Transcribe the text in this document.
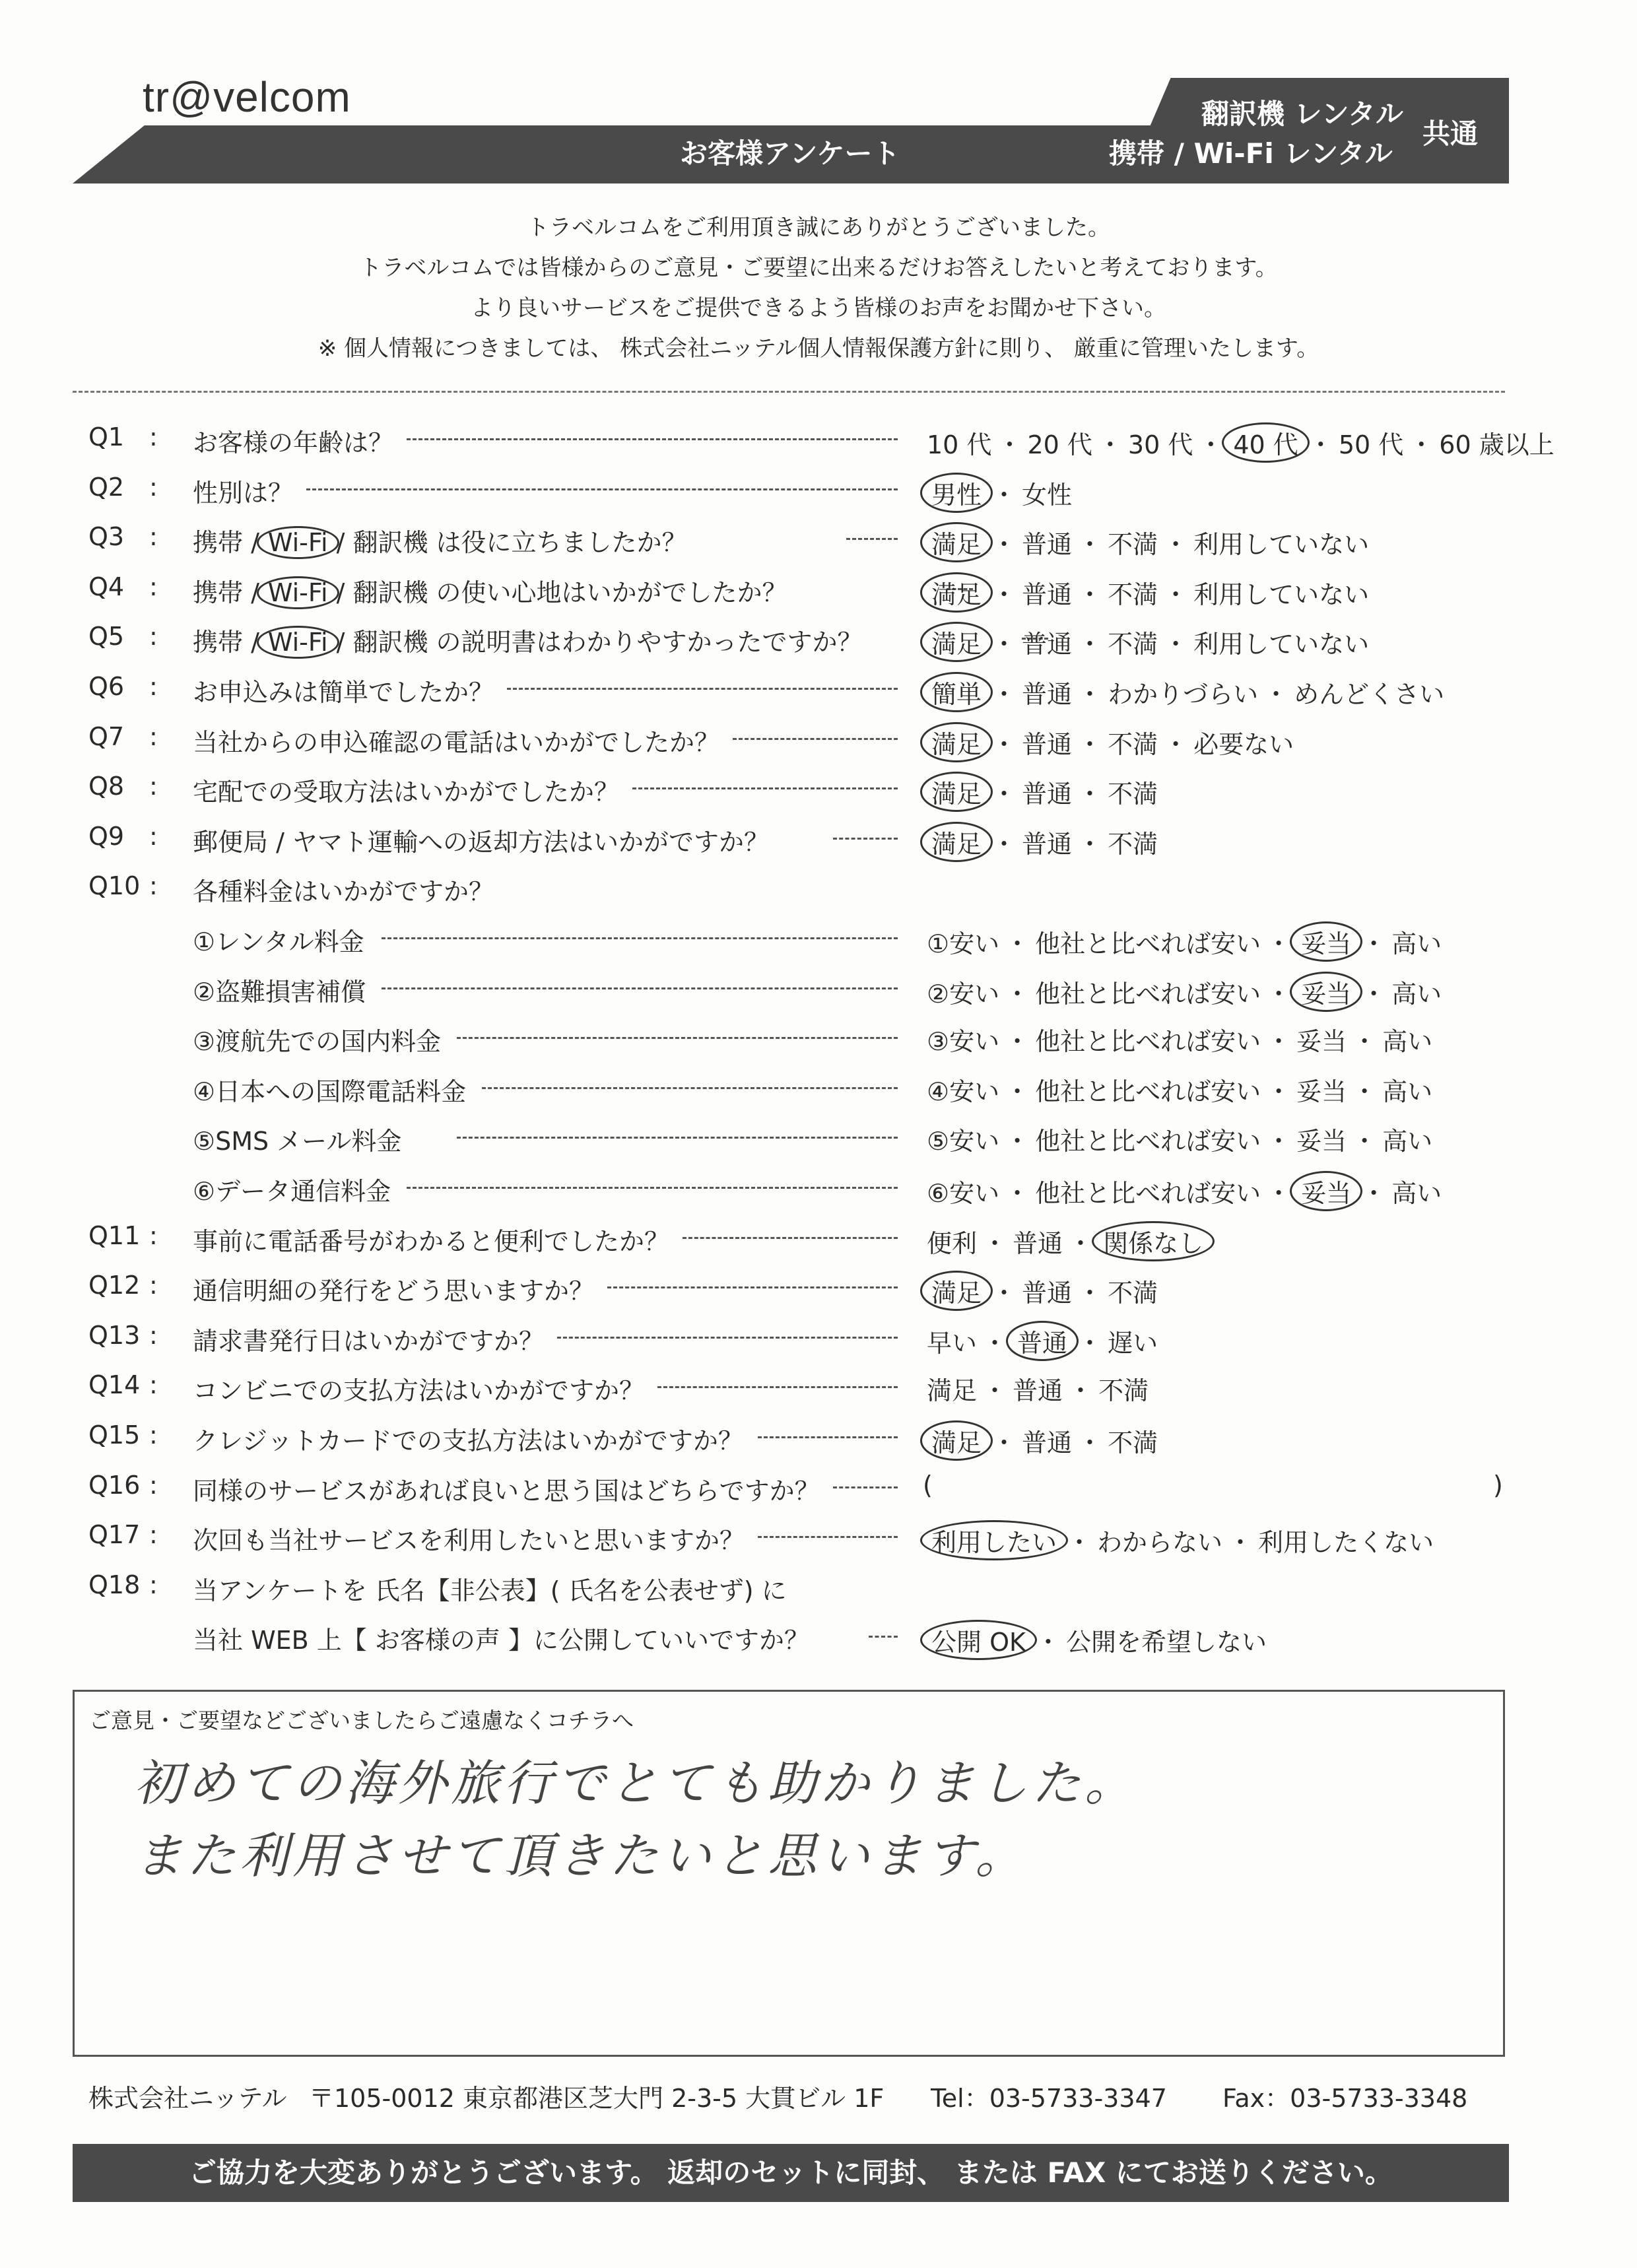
tr@velcom
お客様アンケート
翻訳機 レンタル
携帯 / Wi-Fi レンタル
共通
トラベルコムをご利用頂き誠にありがとうございました。
トラベルコムでは皆様からのご意見・ご要望に出来るだけお答えしたいと考えております。
より良いサービスをご提供できるよう皆様のお声をお聞かせ下さい。
※ 個人情報につきましては、 株式会社ニッテル個人情報保護方針に則り、 厳重に管理いたします。
Q1 : お客様の年齢は？	10 代 ・ 20 代 ・ 30 代 ・ 40 代 ・ 50 代 ・ 60 歳以上
Q2 : 性別は？	男性 ・ 女性
Q3 : 携帯 / Wi-Fi / 翻訳機 は役に立ちましたか？	満足 ・ 普通 ・ 不満 ・ 利用していない
Q4 : 携帯 / Wi-Fi / 翻訳機 の使い心地はいかがでしたか？	満足 ・ 普通 ・ 不満 ・ 利用していない
Q5 : 携帯 / Wi-Fi / 翻訳機 の説明書はわかりやすかったですか？	満足 ・ 普通 ・ 不満 ・ 利用していない
Q6 : お申込みは簡単でしたか？	簡単 ・ 普通 ・ わかりづらい ・ めんどくさい
Q7 : 当社からの申込確認の電話はいかがでしたか？	満足 ・ 普通 ・ 不満 ・ 必要ない
Q8 : 宅配での受取方法はいかがでしたか？	満足 ・ 普通 ・ 不満
Q9 : 郵便局 / ヤマト運輸への返却方法はいかがですか？	満足 ・ 普通 ・ 不満
Q10 : 各種料金はいかがですか？
①レンタル料金	①安い ・ 他社と比べれば安い ・ 妥当 ・ 高い
②盗難損害補償	②安い ・ 他社と比べれば安い ・ 妥当 ・ 高い
③渡航先での国内料金	③安い ・ 他社と比べれば安い ・ 妥当 ・ 高い
④日本への国際電話料金	④安い ・ 他社と比べれば安い ・ 妥当 ・ 高い
⑤SMS メール料金	⑤安い ・ 他社と比べれば安い ・ 妥当 ・ 高い
⑥データ通信料金	⑥安い ・ 他社と比べれば安い ・ 妥当 ・ 高い
Q11 : 事前に電話番号がわかると便利でしたか？	便利 ・ 普通 ・ 関係なし
Q12 : 通信明細の発行をどう思いますか？	満足 ・ 普通 ・ 不満
Q13 : 請求書発行日はいかがですか？	早い ・ 普通 ・ 遅い
Q14 : コンビニでの支払方法はいかがですか？	満足 ・ 普通 ・ 不満
Q15 : クレジットカードでの支払方法はいかがですか？	満足 ・ 普通 ・ 不満
Q16 : 同様のサービスがあれば良いと思う国はどちらですか？	(	)
Q17 : 次回も当社サービスを利用したいと思いますか？	利用したい ・ わからない ・ 利用したくない
Q18 : 当アンケートを 氏名【非公表】( 氏名を公表せず) に
当社 WEB 上【 お客様の声 】に公開していいですか？	公開 OK ・ 公開を希望しない
ご意見・ご要望などございましたらご遠慮なくコチラへ
初めての海外旅行でとても助かりました。
また利用させて頂きたいと思います。
株式会社ニッテル 〒105-0012 東京都港区芝大門 2-3-5 大貫ビル 1F Tel：03-5733-3347 Fax：03-5733-3348
ご協力を大変ありがとうございます。 返却のセットに同封、 または FAX にてお送りください。
